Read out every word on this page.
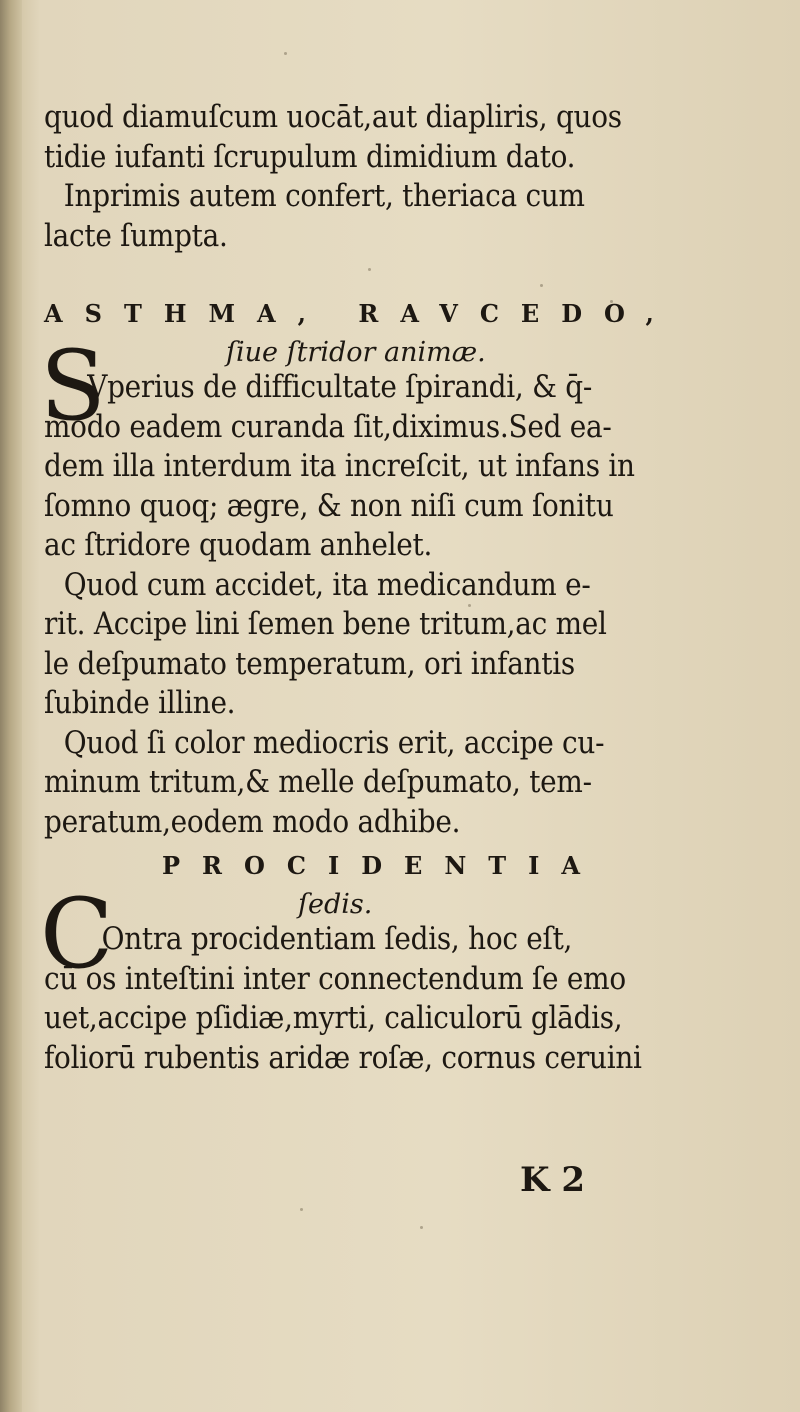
quod diamuſcum uocāt,aut diapliris, quos
tidie iufanti ſcrupulum dimidium dato.
Inprimis autem confert, theriaca cum
lacte ſumpta.
ASTHMA, RAVCEDO,
ſiue ſtridor animæ.
S
Vperius de difficultate ſpirandi, & q̄-
modo eadem curanda ſit,diximus.Sed ea-
dem illa interdum ita increſcit, ut infans in
ſomno quoq; ægre, & non niſi cum ſonitu
ac ſtridore quodam anhelet.
Quod cum accidet, ita medicandum e-
rit. Accipe lini ſemen bene tritum,ac mel
le deſpumato temperatum, ori infantis
ſubinde illine.
Quod ſi color mediocris erit, accipe cu-
minum tritum,& melle deſpumato, tem-
peratum,eodem modo adhibe.
PROCIDENTIA
ſedis.
C
Ontra procidentiam ſedis, hoc eſt,
cū os inteſtini inter connectendum ſe emo
uet,accipe pſidiæ,myrti, caliculorū glādis,
foliorū rubentis aridæ roſæ, cornus ceruini
K 2
